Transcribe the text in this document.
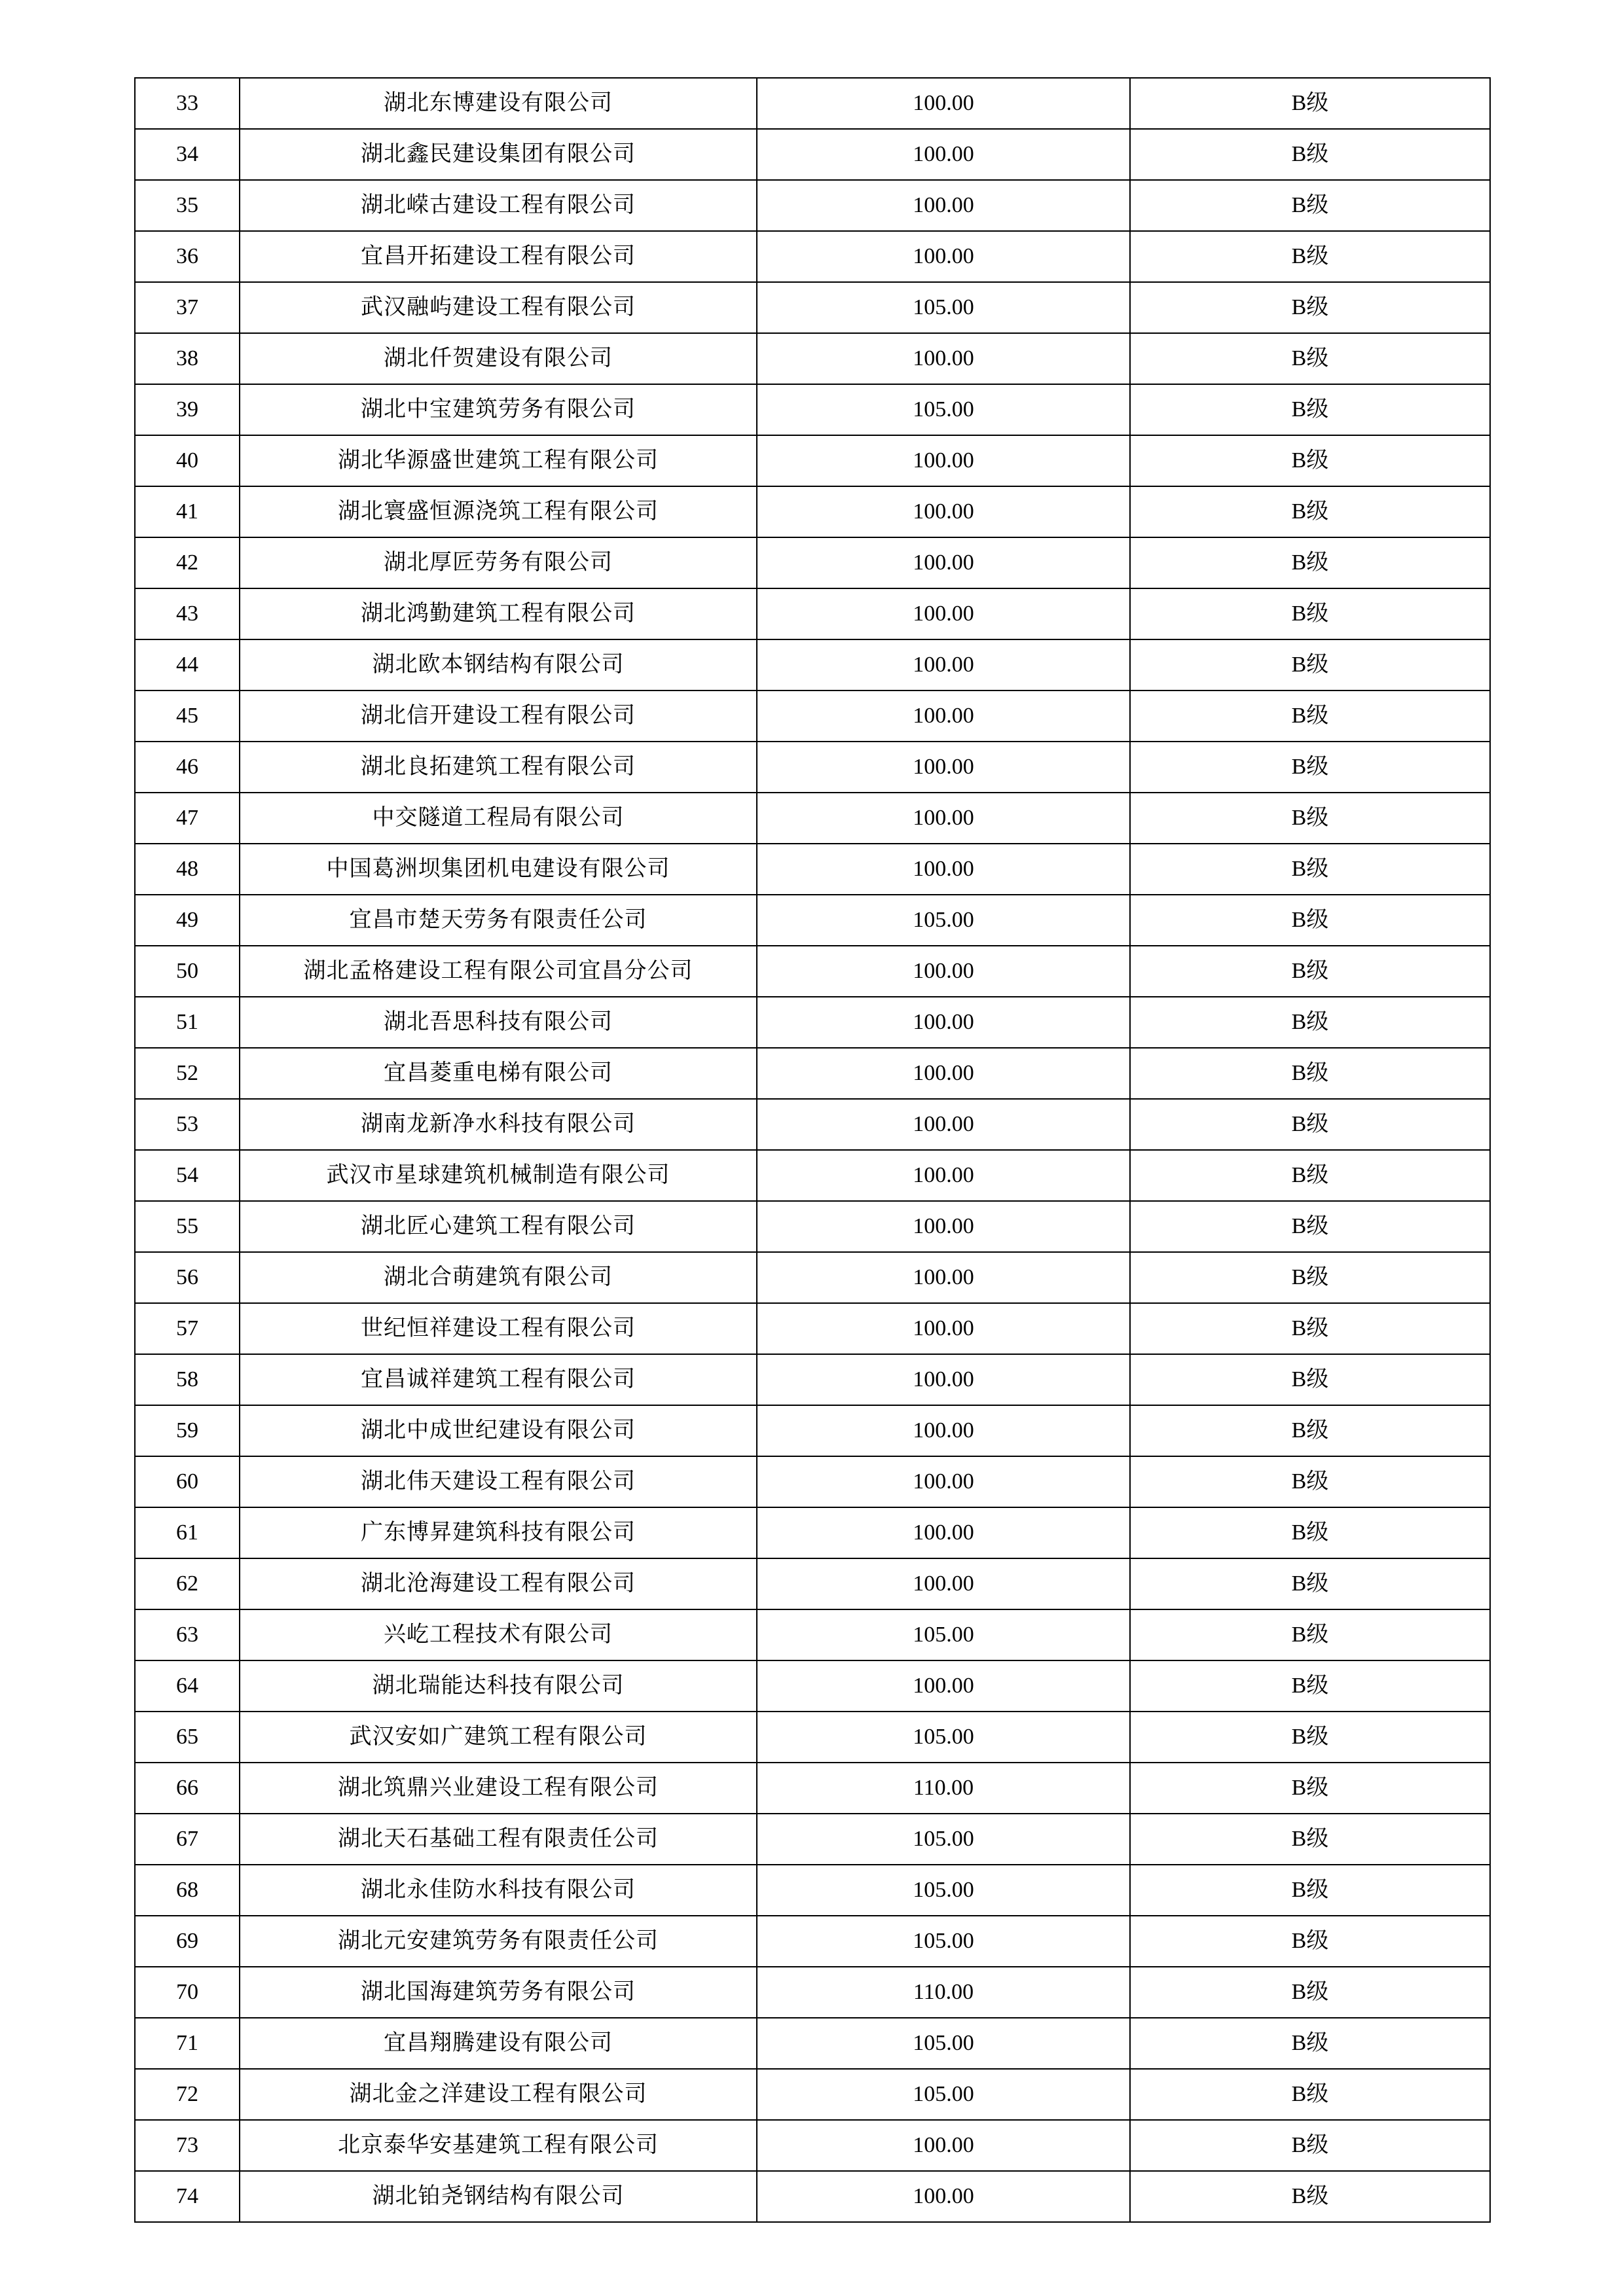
33	湖北东博建设有限公司	100.00	B级
34	湖北鑫民建设集团有限公司	100.00	B级
35	湖北嵘古建设工程有限公司	100.00	B级
36	宜昌开拓建设工程有限公司	100.00	B级
37	武汉融屿建设工程有限公司	105.00	B级
38	湖北仟贺建设有限公司	100.00	B级
39	湖北中宝建筑劳务有限公司	105.00	B级
40	湖北华源盛世建筑工程有限公司	100.00	B级
41	湖北寰盛恒源浇筑工程有限公司	100.00	B级
42	湖北厚匠劳务有限公司	100.00	B级
43	湖北鸿勤建筑工程有限公司	100.00	B级
44	湖北欧本钢结构有限公司	100.00	B级
45	湖北信开建设工程有限公司	100.00	B级
46	湖北良拓建筑工程有限公司	100.00	B级
47	中交隧道工程局有限公司	100.00	B级
48	中国葛洲坝集团机电建设有限公司	100.00	B级
49	宜昌市楚天劳务有限责任公司	105.00	B级
50	湖北孟格建设工程有限公司宜昌分公司	100.00	B级
51	湖北吾思科技有限公司	100.00	B级
52	宜昌菱重电梯有限公司	100.00	B级
53	湖南龙新净水科技有限公司	100.00	B级
54	武汉市星球建筑机械制造有限公司	100.00	B级
55	湖北匠心建筑工程有限公司	100.00	B级
56	湖北合萌建筑有限公司	100.00	B级
57	世纪恒祥建设工程有限公司	100.00	B级
58	宜昌诚祥建筑工程有限公司	100.00	B级
59	湖北中成世纪建设有限公司	100.00	B级
60	湖北伟天建设工程有限公司	100.00	B级
61	广东博昇建筑科技有限公司	100.00	B级
62	湖北沧海建设工程有限公司	100.00	B级
63	兴屹工程技术有限公司	105.00	B级
64	湖北瑞能达科技有限公司	100.00	B级
65	武汉安如广建筑工程有限公司	105.00	B级
66	湖北筑鼎兴业建设工程有限公司	110.00	B级
67	湖北天石基础工程有限责任公司	105.00	B级
68	湖北永佳防水科技有限公司	105.00	B级
69	湖北元安建筑劳务有限责任公司	105.00	B级
70	湖北国海建筑劳务有限公司	110.00	B级
71	宜昌翔腾建设有限公司	105.00	B级
72	湖北金之洋建设工程有限公司	105.00	B级
73	北京泰华安基建筑工程有限公司	100.00	B级
74	湖北铂尧钢结构有限公司	100.00	B级
